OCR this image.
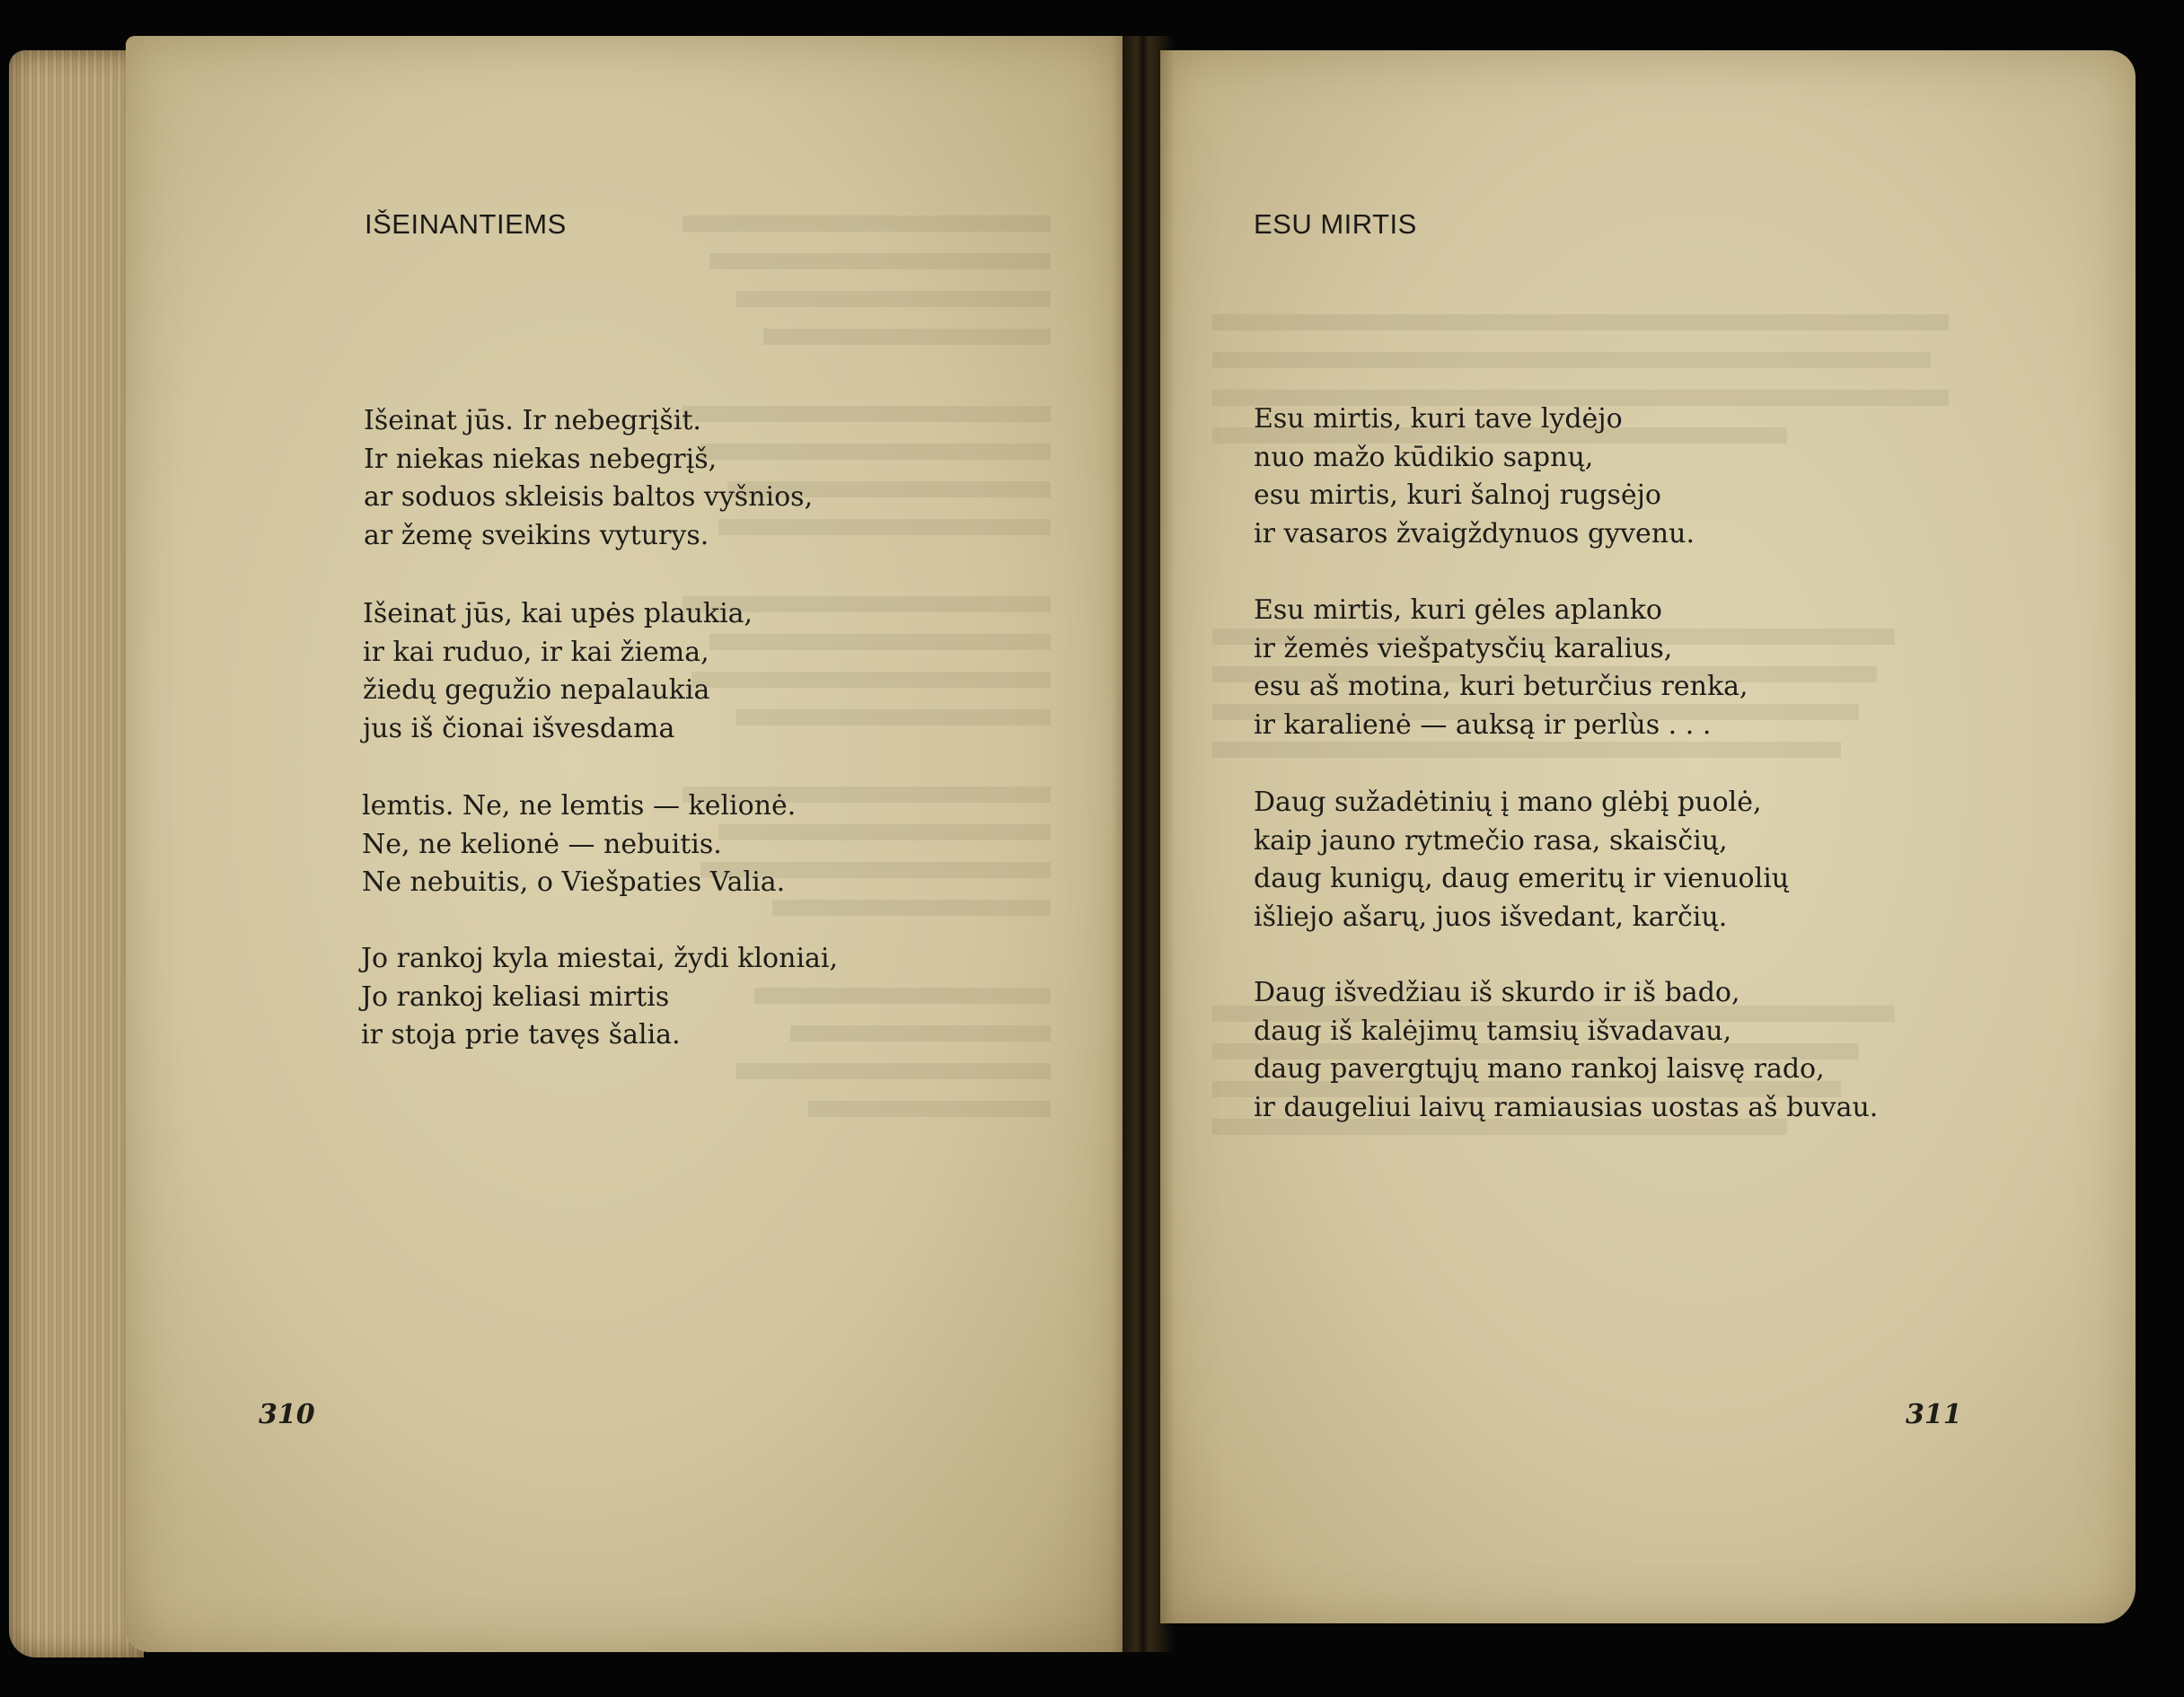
IŠEINANTIEMS

Išeinat jūs. Ir nebegrįšit.
Ir niekas niekas nebegrįš,
ar soduos skleisis baltos vyšnios,
ar žemę sveikins vyturys.

Išeinat jūs, kai upės plaukia,
ir kai ruduo, ir kai žiema,
žiedų gegužio nepalaukia
jus iš čionai išvesdama

lemtis. Ne, ne lemtis — kelionė.
Ne, ne kelionė — nebuitis.
Ne nebuitis, o Viešpaties Valia.

Jo rankoj kyla miestai, žydi kloniai,
Jo rankoj keliasi mirtis
ir stoja prie tavęs šalia.

310
ESU MIRTIS

Esu mirtis, kuri tave lydėjo
nuo mažo kūdikio sapnų,
esu mirtis, kuri šalnoj rugsėjo
ir vasaros žvaigždynuos gyvenu.

Esu mirtis, kuri gėles aplanko
ir žemės viešpatysčių karalius,
esu aš motina, kuri beturčius renka,
ir karalienė — auksą ir perlùs . . .

Daug sužadėtinių į mano glėbį puolė,
kaip jauno rytmečio rasa, skaisčių,
daug kunigų, daug emeritų ir vienuolių
išliejo ašarų, juos išvedant, karčių.

Daug išvedžiau iš skurdo ir iš bado,
daug iš kalėjimų tamsių išvadavau,
daug pavergtųjų mano rankoj laisvę rado,
ir daugeliui laivų ramiausias uostas aš buvau.

311
